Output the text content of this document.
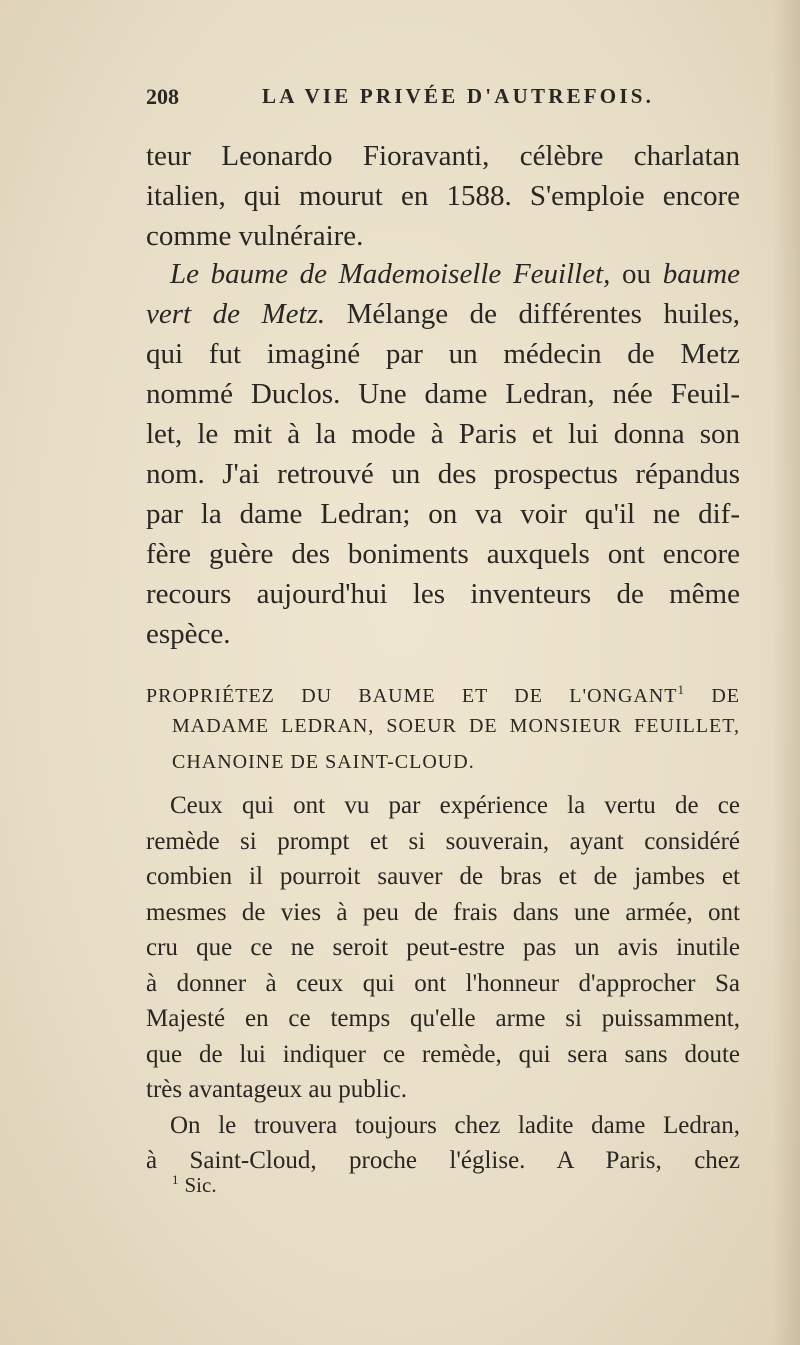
208	LA VIE PRIVÉE D'AUTREFOIS.
teur Leonardo Fioravanti, célèbre charlatan
italien, qui mourut en 1588. S'emploie encore
comme vulnéraire.
Le baume de Mademoiselle Feuillet, ou baume
vert de Metz. Mélange de différentes huiles,
qui fut imaginé par un médecin de Metz
nommé Duclos. Une dame Ledran, née Feuil-
let, le mit à la mode à Paris et lui donna son
nom. J'ai retrouvé un des prospectus répandus
par la dame Ledran; on va voir qu'il ne dif-
fère guère des boniments auxquels ont encore
recours aujourd'hui les inventeurs de même
espèce.
PROPRIÉTEZ DU BAUME ET DE L'ONGANT$^1$ DE
MADAME LEDRAN, SOEUR DE MONSIEUR FEUILLET,
CHANOINE DE SAINT-CLOUD.
Ceux qui ont vu par expérience la vertu de ce
remède si prompt et si souverain, ayant considéré
combien il pourroit sauver de bras et de jambes et
mesmes de vies à peu de frais dans une armée, ont
cru que ce ne seroit peut-estre pas un avis inutile
à donner à ceux qui ont l'honneur d'approcher Sa
Majesté en ce temps qu'elle arme si puissamment,
que de lui indiquer ce remède, qui sera sans doute
très avantageux au public.
On le trouvera toujours chez ladite dame Ledran,
à Saint-Cloud, proche l'église. A Paris, chez
$^1$ Sic.
